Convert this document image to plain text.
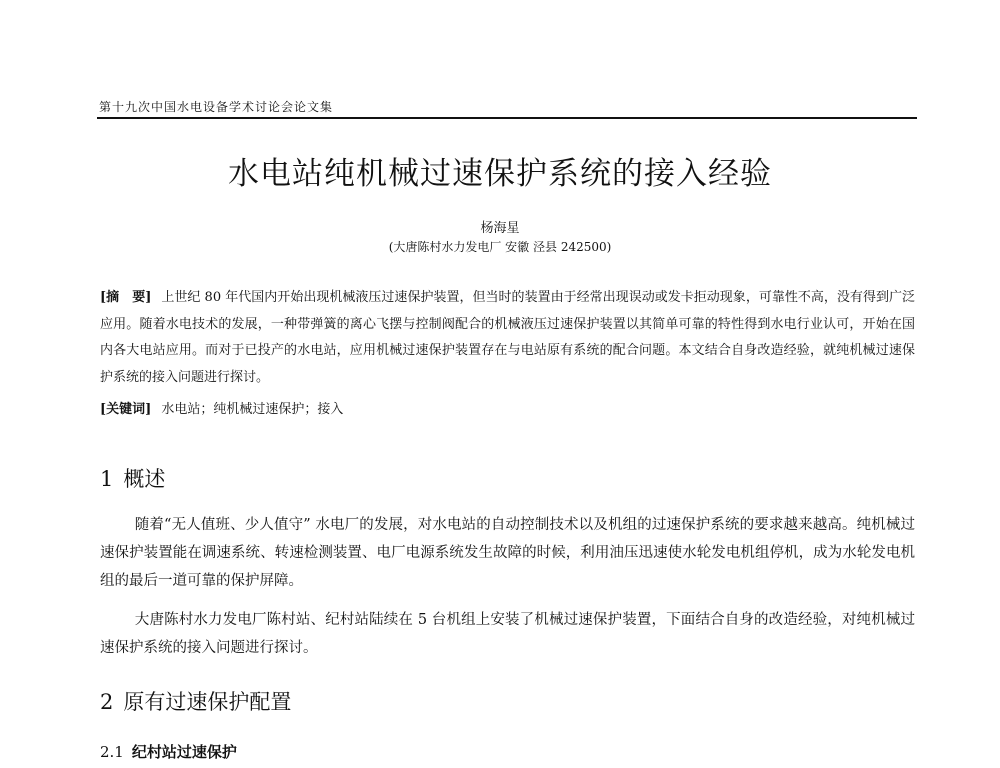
第十九次中国水电设备学术讨论会论文集
水电站纯机械过速保护系统的接入经验
杨海星
(大唐陈村水力发电厂 安徽 泾县 242500)
[摘　要] 上世纪 80 年代国内开始出现机械液压过速保护装置，但当时的装置由于经常出现误动或发卡拒动现象，可靠性不高，没有得到广泛应用。随着水电技术的发展，一种带弹簧的离心飞摆与控制阀配合的机械液压过速保护装置以其简单可靠的特性得到水电行业认可，开始在国内各大电站应用。而对于已投产的水电站，应用机械过速保护装置存在与电站原有系统的配合问题。本文结合自身改造经验，就纯机械过速保护系统的接入问题进行探讨。
[关键词] 水电站；纯机械过速保护；接入
1 概述

随着“无人值班、少人值守” 水电厂的发展，对水电站的自动控制技术以及机组的过速保护系统的要求越来越高。纯机械过速保护装置能在调速系统、转速检测装置、电厂电源系统发生故障的时候，利用油压迅速使水轮发电机组停机，成为水轮发电机组的最后一道可靠的保护屏障。

大唐陈村水力发电厂陈村站、纪村站陆续在 5 台机组上安装了机械过速保护装置，下面结合自身的改造经验，对纯机械过速保护系统的接入问题进行探讨。

2 原有过速保护配置
2.1 纪村站过速保护
